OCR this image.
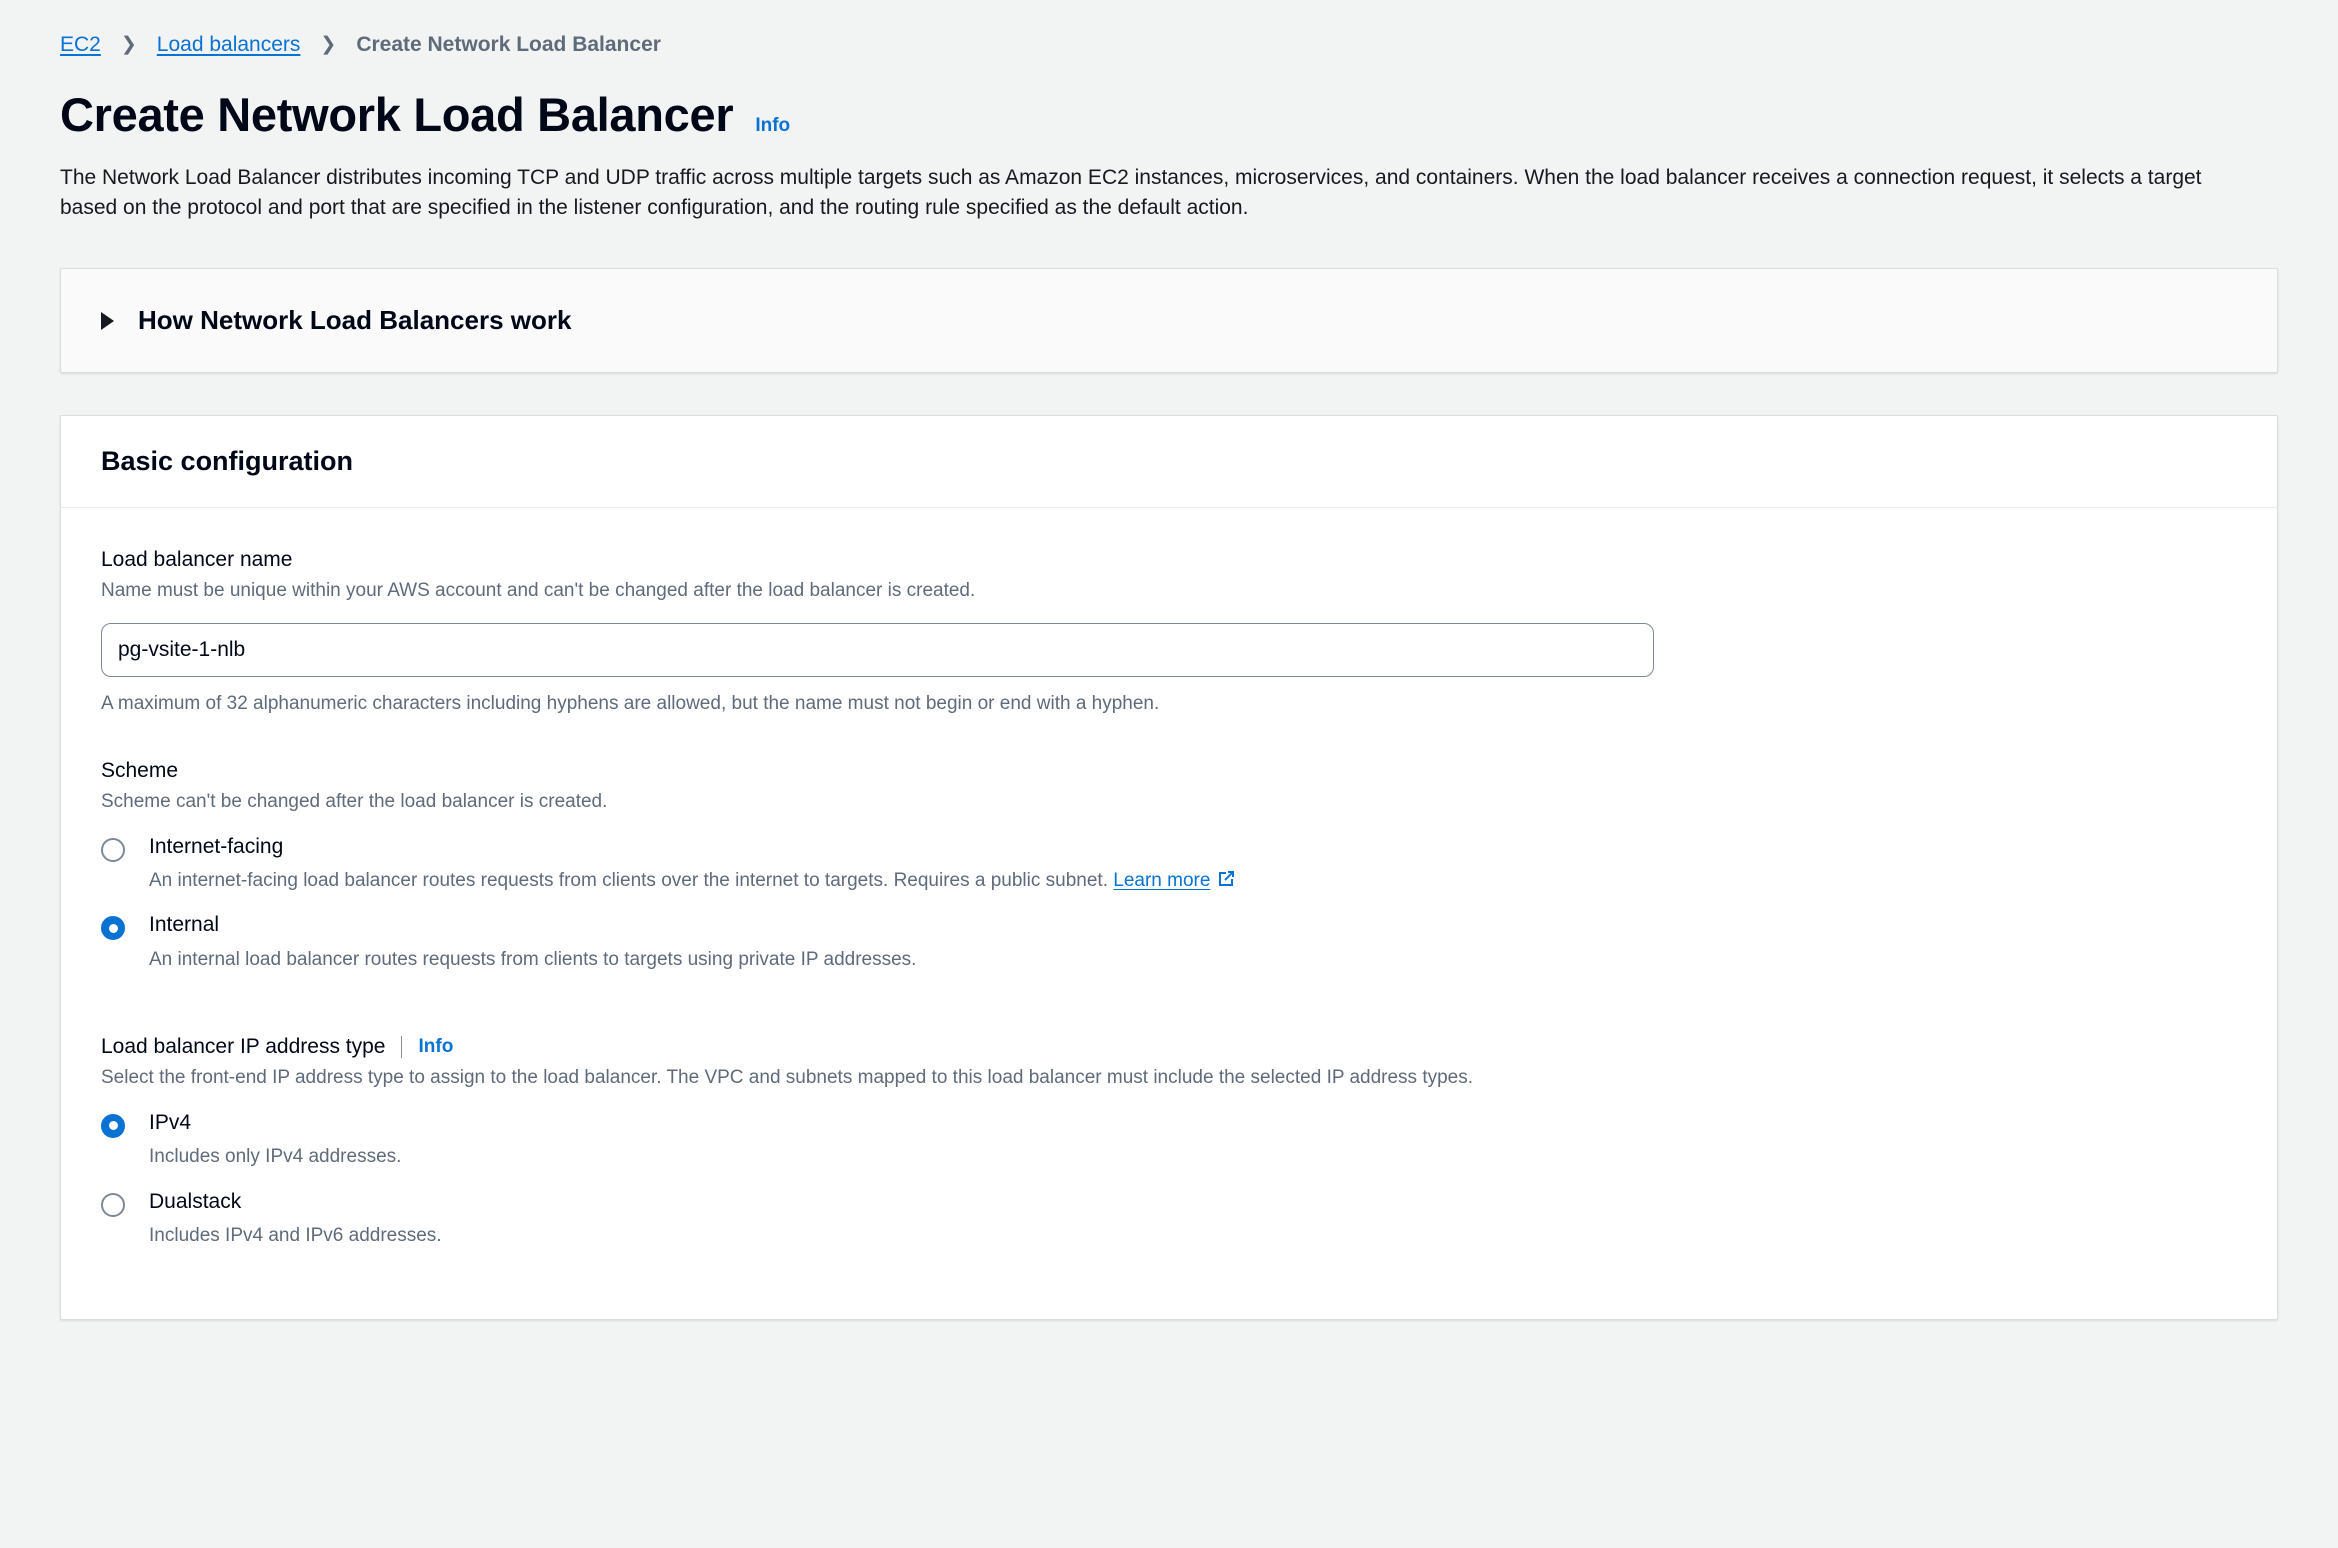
EC2	❯ Load balancers	❯ Create Network Load Balancer
Create Network Load Balancer Info

The Network Load Balancer distributes incoming TCP and UDP traffic across multiple targets such as Amazon EC2 instances, microservices, and containers. When the load balancer receives a connection request, it selects a target based on the protocol and port that are specified in the listener configuration, and the routing rule specified as the default action.

How Network Load Balancers work
Basic configuration
Load balancer name
Name must be unique within your AWS account and can't be changed after the load balancer is created.
pg-vsite-1-nlb
A maximum of 32 alphanumeric characters including hyphens are allowed, but the name must not begin or end with a hyphen.
Scheme
Scheme can't be changed after the load balancer is created.
Internet-facing
An internet-facing load balancer routes requests from clients over the internet to targets. Requires a public subnet. Learn more
Internal
An internal load balancer routes requests from clients to targets using private IP addresses.
Load balancer IP address type Info
Select the front-end IP address type to assign to the load balancer. The VPC and subnets mapped to this load balancer must include the selected IP address types.
IPv4
Includes only IPv4 addresses.
Dualstack
Includes IPv4 and IPv6 addresses.
